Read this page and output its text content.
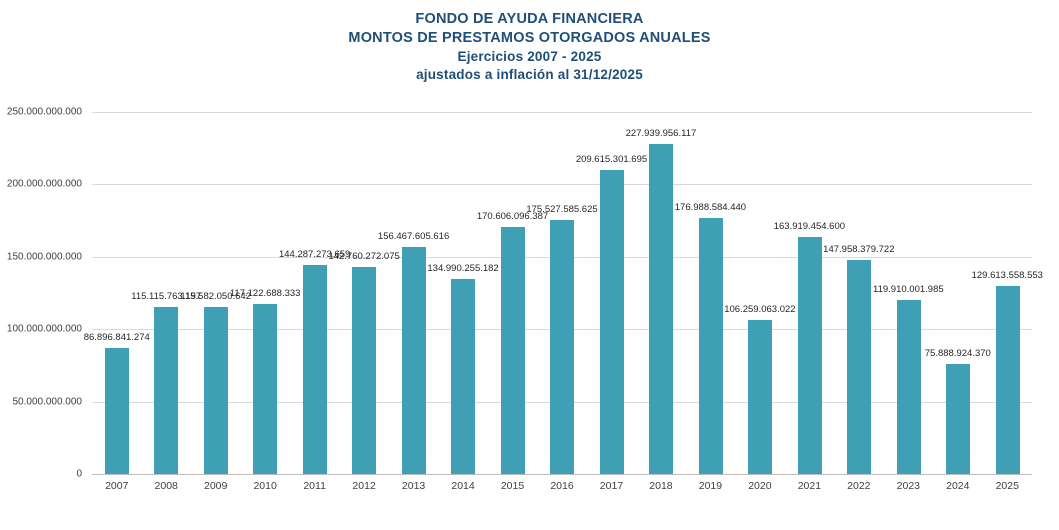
FONDO DE AYUDA FINANCIERA
MONTOS DE PRESTAMOS OTORGADOS ANUALES
Ejercicios 2007 - 2025
ajustados a inflación al 31/12/2025
0
50.000.000.000
100.000.000.000
150.000.000.000
200.000.000.000
250.000.000.000
86.896.841.274
115.115.763.197
115.582.050.642
117.122.688.333
144.287.273.659
142.760.272.075
156.467.605.616
134.990.255.182
170.606.096.387
175.527.585.625
209.615.301.695
227.939.956.117
176.988.584.440
106.259.063.022
163.919.454.600
147.958.379.722
119.910.001.985
75.888.924.370
129.613.558.553
2007	2008	2009	2010	2011	2012	2013	2014	2015	2016	2017	2018	2019	2020	2021	2022	2023	2024	2025
